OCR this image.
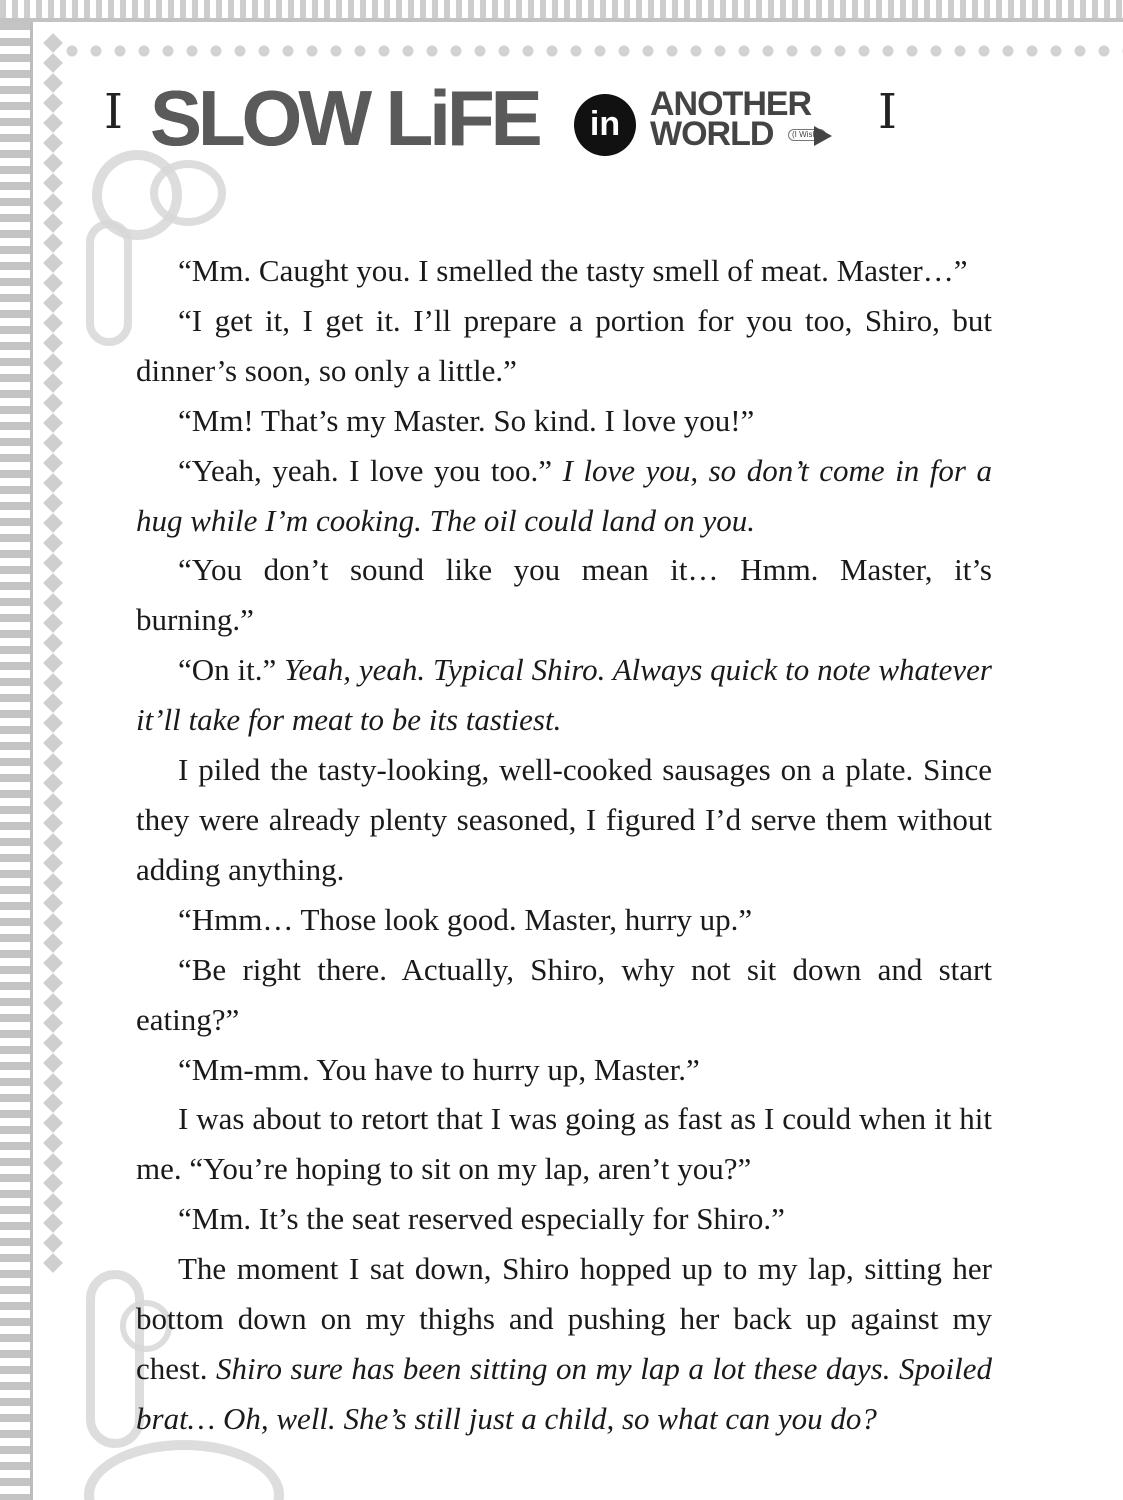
I SLOW LiFE	in
ANOTHER
WORLD	(I Wish!) I

“Mm. Caught you. I smelled the tasty smell of meat. Master…”

“I get it, I get it. I’ll prepare a portion for you too, Shiro, but dinner’s soon, so only a little.”

“Mm! That’s my Master. So kind. I love you!”

“Yeah, yeah. I love you too.” I love you, so don’t come in for a hug while I’m cooking. The oil could land on you.

“You don’t sound like you mean it… Hmm. Master, it’s burning.”

“On it.” Yeah, yeah. Typical Shiro. Always quick to note whatever it’ll take for meat to be its tastiest.

I piled the tasty-looking, well-cooked sausages on a plate. Since they were already plenty seasoned, I figured I’d serve them without adding anything.

“Hmm… Those look good. Master, hurry up.”

“Be right there. Actually, Shiro, why not sit down and start eating?”

“Mm-mm. You have to hurry up, Master.”

I was about to retort that I was going as fast as I could when it hit me. “You’re hoping to sit on my lap, aren’t you?”

“Mm. It’s the seat reserved especially for Shiro.”

The moment I sat down, Shiro hopped up to my lap, sitting her bottom down on my thighs and pushing her back up against my chest. Shiro sure has been sitting on my lap a lot these days. Spoiled brat… Oh, well. She’s still just a child, so what can you do?
